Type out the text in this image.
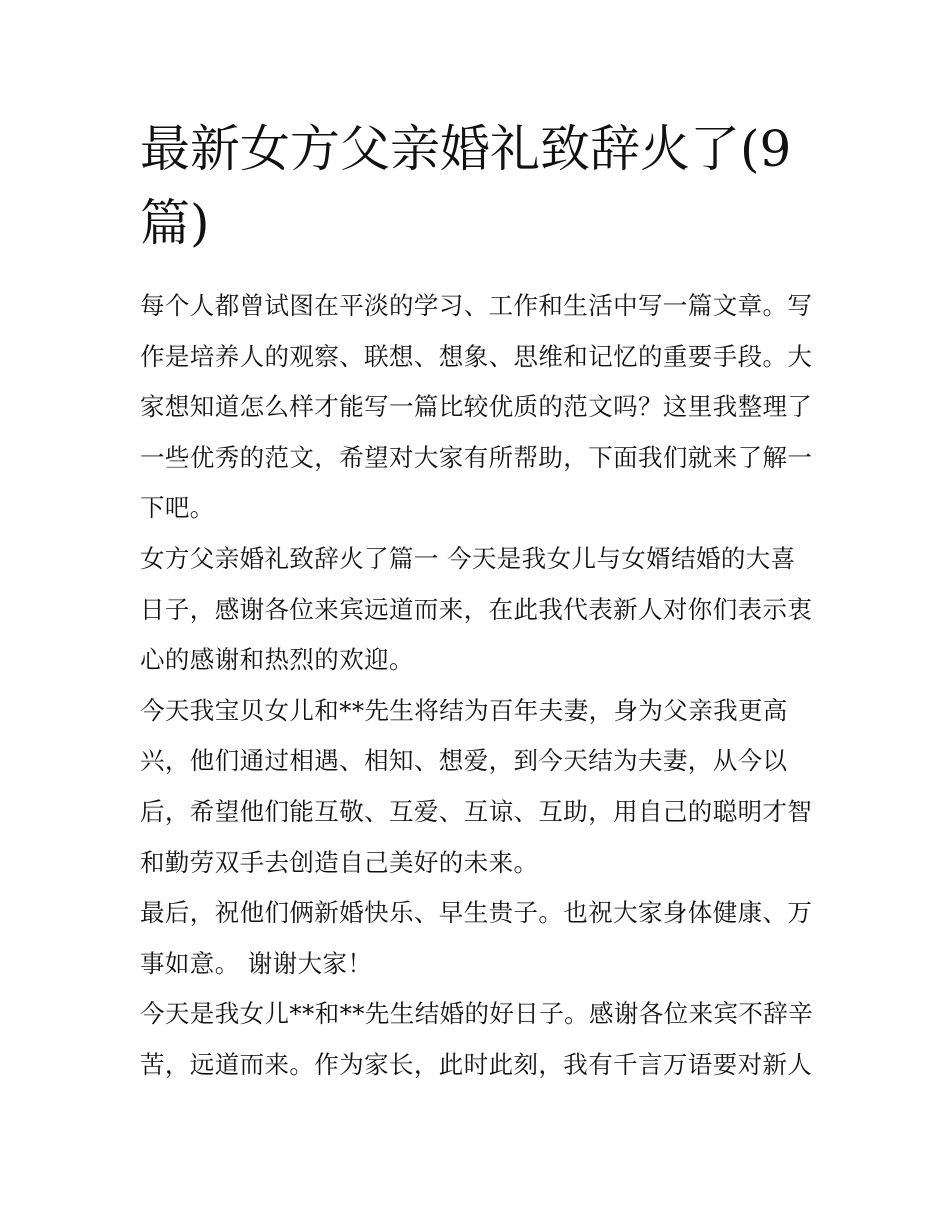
最新女方父亲婚礼致辞火了(9篇)

每个人都曾试图在平淡的学习、工作和生活中写一篇文章。写作是培养人的观察、联想、想象、思维和记忆的重要手段。大家想知道怎么样才能写一篇比较优质的范文吗？这里我整理了一些优秀的范文，希望对大家有所帮助，下面我们就来了解一下吧。

女方父亲婚礼致辞火了篇一 今天是我女儿与女婿结婚的大喜日子，感谢各位来宾远道而来，在此我代表新人对你们表示衷心的感谢和热烈的欢迎。

今天我宝贝女儿和**先生将结为百年夫妻，身为父亲我更高兴，他们通过相遇、相知、想爱，到今天结为夫妻，从今以后，希望他们能互敬、互爱、互谅、互助，用自己的聪明才智和勤劳双手去创造自己美好的未来。

最后，祝他们俩新婚快乐、早生贵子。也祝大家身体健康、万事如意。 谢谢大家！

今天是我女儿**和**先生结婚的好日子。感谢各位来宾不辞辛苦，远道而来。作为家长，此时此刻，我有千言万语要对新人
